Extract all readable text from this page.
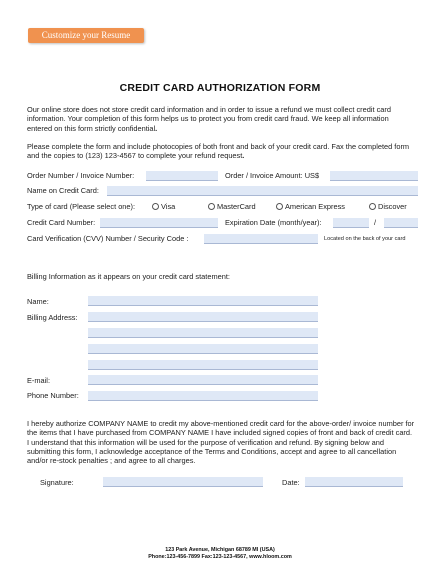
Customize your Resume
CREDIT CARD AUTHORIZATION FORM
Our online store does not store credit card information and in order to issue a refund we must collect credit card information. Your completion of this form helps us to protect you from credit card fraud. We keep all information entered on this form strictly confidential.
Please complete the form and include photocopies of both front and back of your credit card. Fax the completed form and the copies to (123) 123-4567 to complete your refund request.
Order Number / Invoice Number:	Order / Invoice Amount: US$
Name on Credit Card:
Type of card (Please select one):	Visa	MasterCard	American Express	Discover
Credit Card Number:	Expiration Date (month/year):	/
Card Verification (CVV) Number / Security Code :	Located on the back of your card
Billing Information as it appears on your credit card statement:
Name:
Billing Address:
E-mail:
Phone Number:
I hereby authorize COMPANY NAME to credit my above-mentioned credit card for the above-order/ invoice number for the items that I have purchased from COMPANY NAME I have included signed copies of front and back of credit card. I understand that this information will be used for the purpose of verification and refund. By signing below and submitting this form, I acknowledge acceptance of the Terms and Conditions, accept and agree to all cancellation and/or re-stock penalties ; and agree to all charges.
Signature:	Date:
123 Park Avenue, Michigan 68789 MI (USA)
Phone:123-456-7899 Fax:123-123-4567, www.hloom.com
